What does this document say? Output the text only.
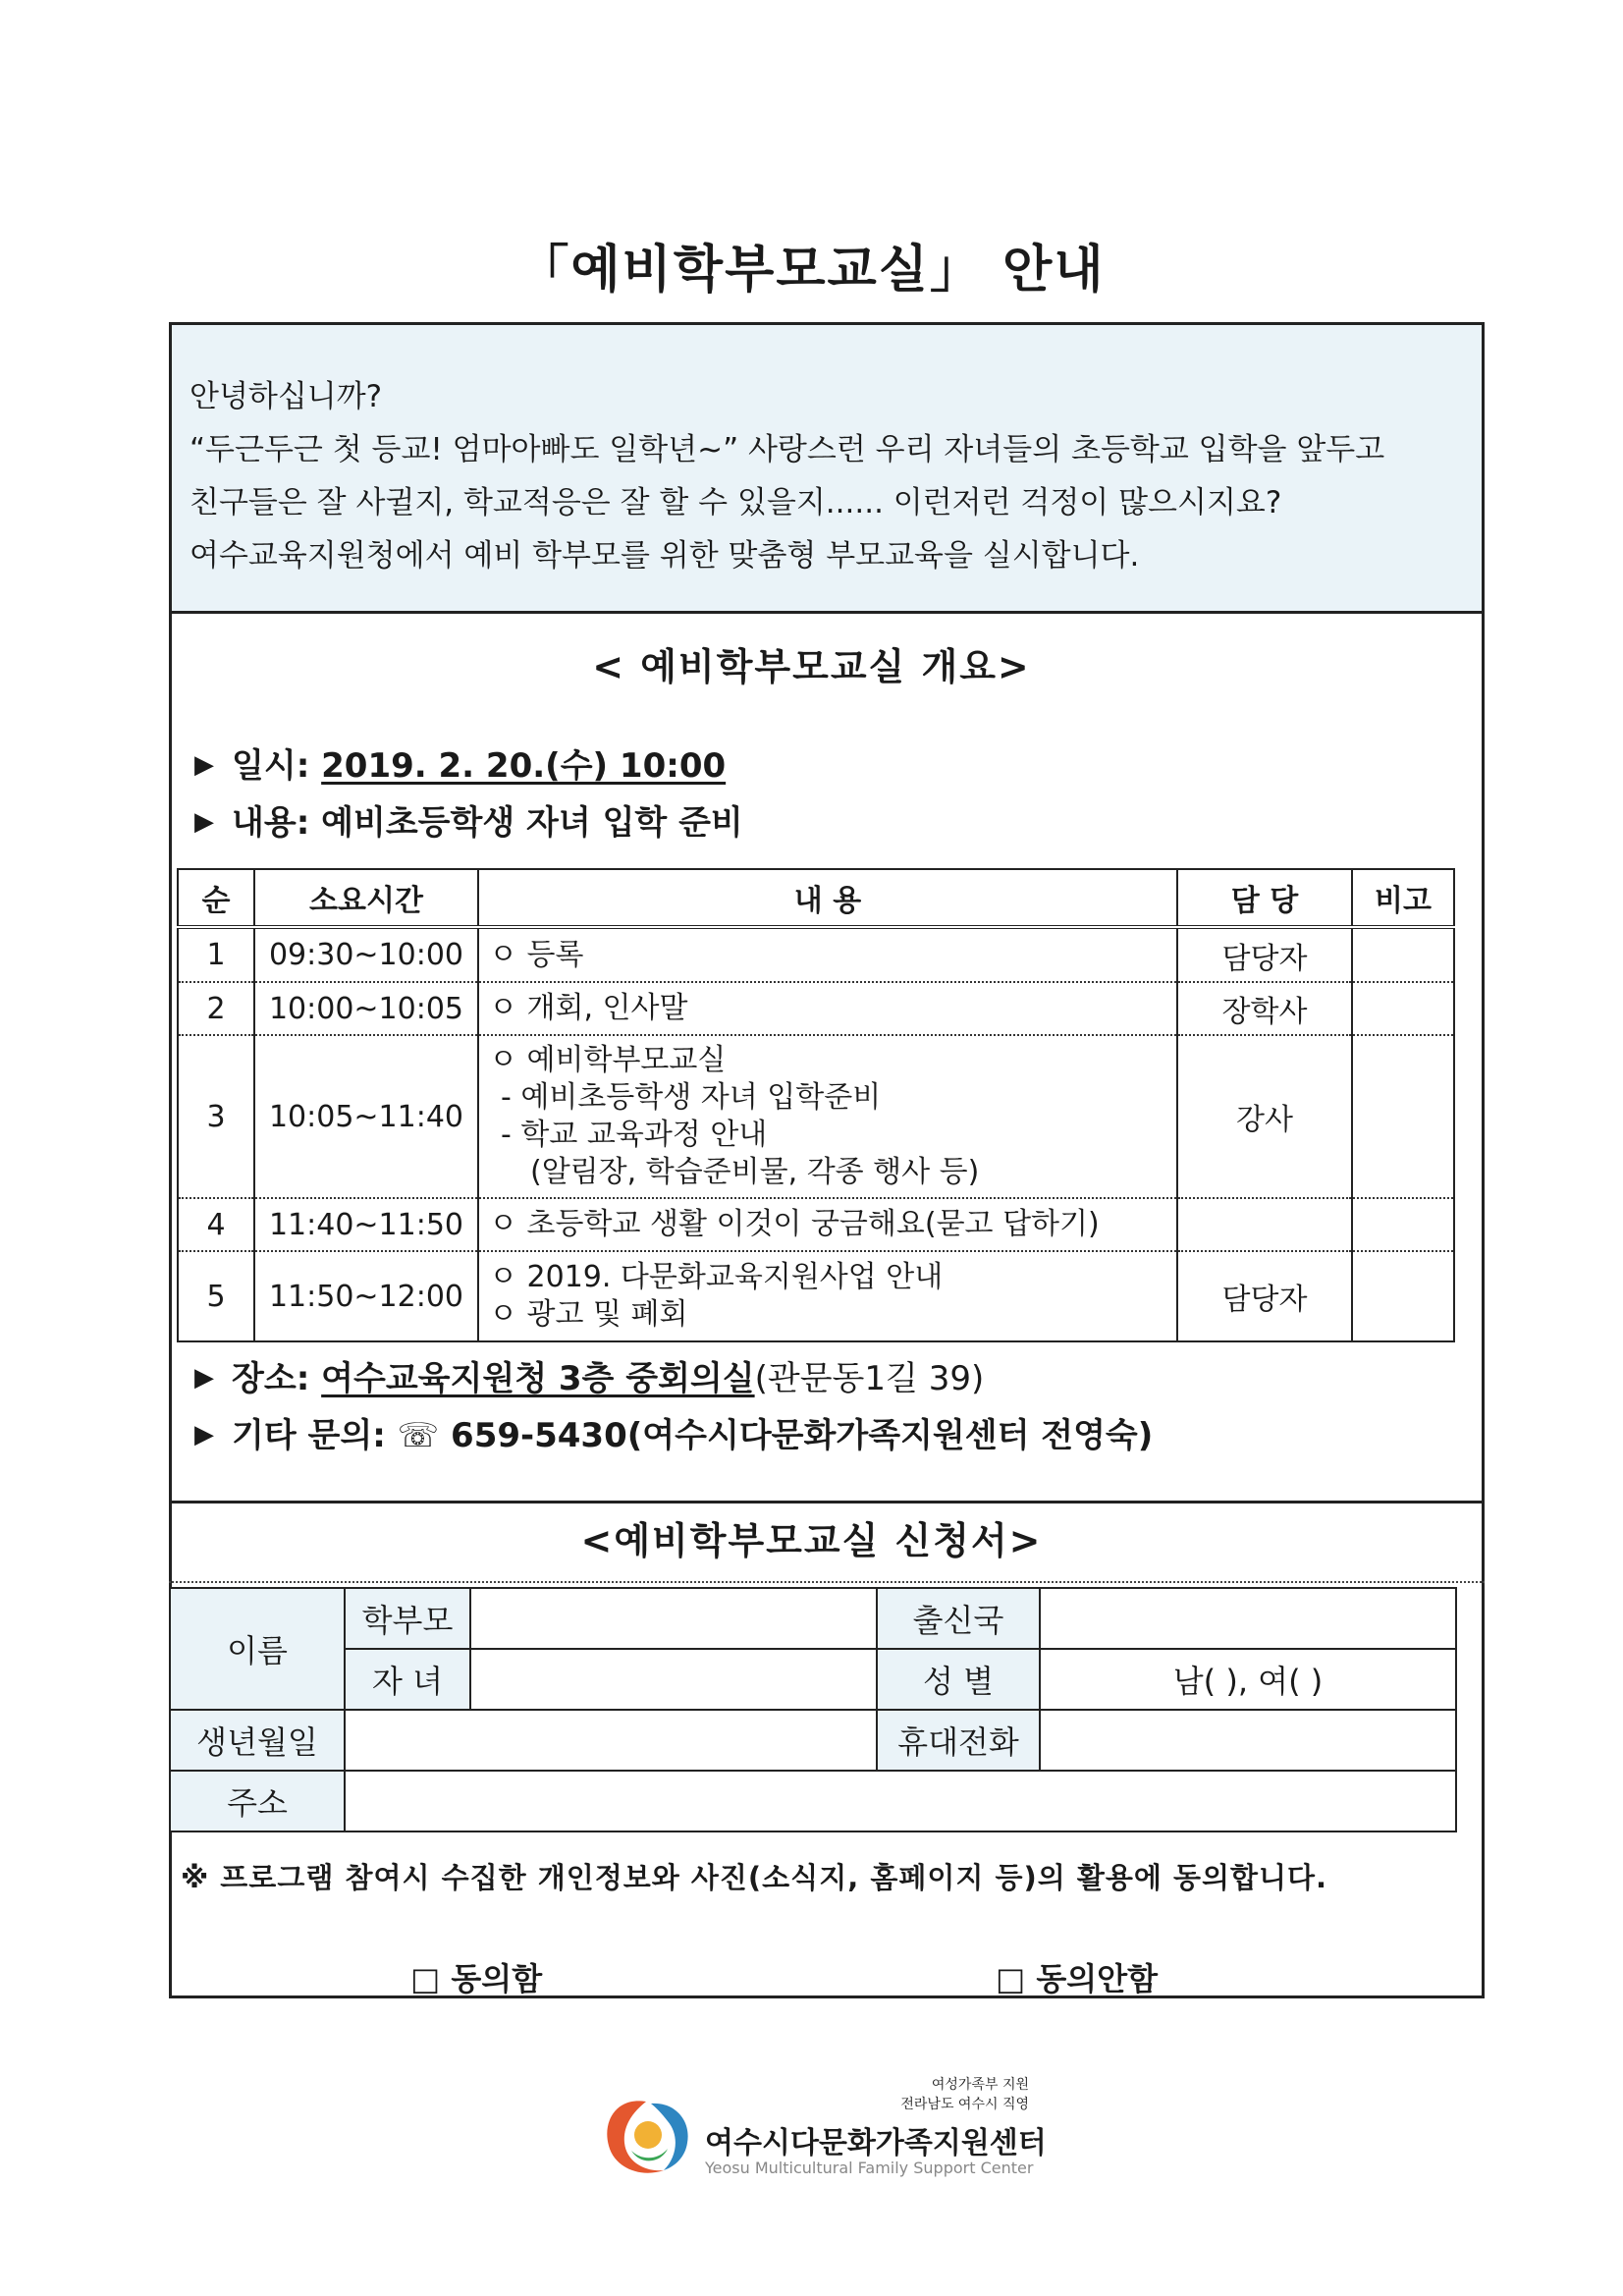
「예비학부모교실」 안내

안녕하십니까?

“두근두근 첫 등교! 엄마아빠도 일학년~” 사랑스런 우리 자녀들의 초등학교 입학을 앞두고

친구들은 잘 사귈지, 학교적응은 잘 할 수 있을지...... 이런저런 걱정이 많으시지요?

여수교육지원청에서 예비 학부모를 위한 맞춤형 부모교육을 실시합니다.

< 예비학부모교실 개요>
▶ 일시: 2019. 2. 20.(수) 10:00
▶ 내용: 예비초등학생 자녀 입학 준비
순	소요시간	내 용	담 당	비고
1	09:30~10:00	ㅇ 등록	담당자	
2	10:00~10:05	ㅇ 개회, 인사말	장학사	
3	10:05~11:40	ㅇ 예비학부모교실
- 예비초등학생 자녀 입학준비
- 학교 교육과정 안내
(알림장, 학습준비물, 각종 행사 등)	강사	
4	11:40~11:50	ㅇ 초등학교 생활 이것이 궁금해요(묻고 답하기)		

5	11:50~12:00	ㅇ 2019. 다문화교육지원사업 안내
ㅇ 광고 및 폐회	담당자	
▶ 장소: 여수교육지원청 3층 중회의실(관문동1길 39)
▶ 기타 문의: ☏ 659-5430(여수시다문화가족지원센터 전영숙)
<예비학부모교실 신청서>
이름	학부모		출신국	
	자 녀		성 별	남( ), 여( )
생년월일			휴대전화	
주소				
※ 프로그램 참여시 수집한 개인정보와 사진(소식지, 홈페이지 등)의 활용에 동의합니다.
□ 동의함	□ 동의안함
여성가족부 지원
전라남도 여수시 직영
여수시다문화가족지원센터
Yeosu Multicultural Family Support Center
